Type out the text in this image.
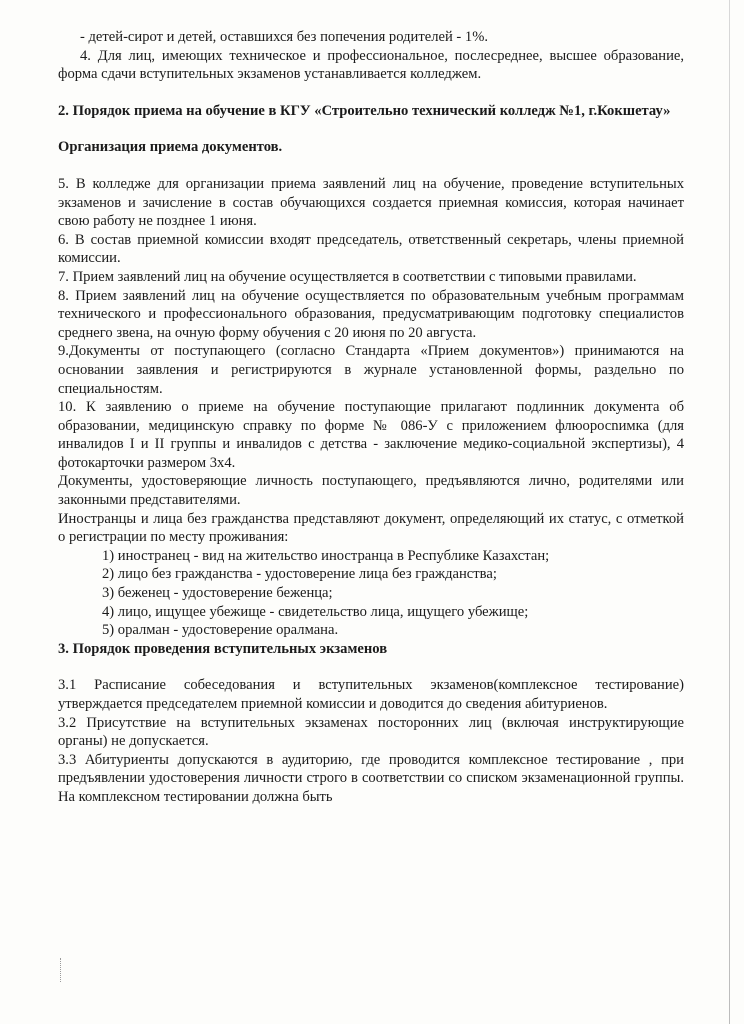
- детей-сирот и детей, оставшихся без попечения родителей - 1%.

4. Для лиц, имеющих техническое и профессиональное, послесреднее, высшее образование, форма сдачи вступительных экзаменов устанавливается колледжем.

2. Порядок приема на обучение в КГУ «Строительно технический колледж №1, г.Кокшетау»

Организация приема документов.

5. В колледже для организации приема заявлений лиц на обучение, проведение вступительных экзаменов и зачисление в состав обучающихся создается приемная комиссия, которая начинает свою работу не позднее 1 июня.

6. В состав приемной комиссии входят председатель, ответственный секретарь, члены приемной комиссии.

7. Прием заявлений лиц на обучение осуществляется в соответствии с типовыми правилами.

8. Прием заявлений лиц на обучение осуществляется по образовательным учебным программам технического и профессионального образования, предусматривающим подготовку специалистов среднего звена, на очную форму обучения с 20 июня по 20 августа.

9.Документы от поступающего (согласно Стандарта «Прием документов») принимаются на основании заявления и регистрируются в журнале установленной формы, раздельно по специальностям.

10. К заявлению о приеме на обучение поступающие прилагают подлинник документа об образовании, медицинскую справку по форме № 086-У с приложением флюоросnимка (для инвалидов I и II группы и инвалидов с детства - заключение медико-социальной экспертизы), 4 фотокарточки размером 3х4.

Документы, удостоверяющие личность поступающего, предъявляются лично, родителями или законными представителями.

Иностранцы и лица без гражданства представляют документ, определяющий их статус, с отметкой о регистрации по месту проживания:

1) иностранец - вид на жительство иностранца в Республике Казахстан;
2) лицо без гражданства - удостоверение лица без гражданства;
3) беженец - удостоверение беженца;
4) лицо, ищущее убежище - свидетельство лица, ищущего убежище;
5) оралман - удостоверение оралмана.

3. Порядок проведения вступительных экзаменов

3.1 Расписание собеседования и вступительных экзаменов(комплексное тестирование) утверждается председателем приемной комиссии и доводится до сведения абитуриенов.

3.2 Присутствие на вступительных экзаменах посторонних лиц (включая инструктирующие органы) не допускается.

3.3 Абитуриенты допускаются в аудиторию, где проводится комплексное тестирование , при предъявлении удостоверения личности строго в соответствии со списком экзаменационной группы. На комплексном тестировании должна быть
